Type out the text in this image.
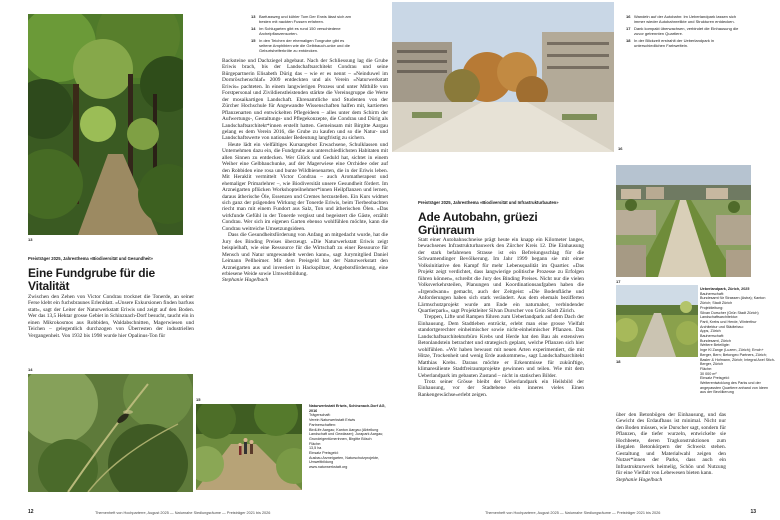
13
13 Barfussweg und kühler Tom Der Erwis lässt sich am besten mit nackten Fussen erfahren.
14 Im Schlugarten gibt es rund 150 verschiedene Archeipflanzensorten.
15 In den Teichen der ehemaligen Tongrube gibt es seltene Amphibien wie die Gelbbauch-unke und die Geburtshelferkröte zu entdecken.
Preisträger 2025, Jahresthema «Biodiversität und Gesundheit»
Eine Fundgrube für die Vitalität

Zwischen den Zehen von Victor Condrau trocknet die Tonerde, an seiner Ferse klebt ein fuchsbraunes Erlenblatt. «Unsere Exkursionen finden barfuss statt», sagt der Leiter der Naturwerkstatt Eriwis und zeigt auf den Boden. Wer das 13,5 Hektar grosse Gebiet in Schinznach-Dorf besucht, taucht ein in einen Mikrokosmos aus Robbiden, Waldabschnitten, Magerwiesen und Teichen – gelegentlich durchzogen von Überresten der industriellen Vergangenheit. Von 1932 bis 1998 wurde hier Opalinus-Ton für

Backsteine und Dachziegel abgebaut. Nach der Schliessung lag die Grube Eriwis brach, bis der Landschaftsarchitekt Condrau und seine Bürgepartnerin Elisabeth Dürig das – wie er es nennt – «Neinduwel im Dornröschenschlaf» 2009 entdeckten und als Verein «Naturwerkstatt Eriwis» pachteten. In einem langwierigen Prozess und unter Mithilfe von Forstpersonal und Zivildienstleistenden stärkte die Vereinsgruppe die Werte der mosaikartigen Landschaft. Ehrenamtliche und Studenten von der Zürcher Hochschule für Angewandte Wissenschaften halfen mit, kartierten Pflanzenarten und entwickelten Pflegeideen – alles unter dem Schirm der Aufwertungs-, Gestaltungs- und Pflegekonzepte, die Condrau und Dürig als Landschaftsarchitekt*innen erstellt hatten. Gemeinsam mit Birgitte Aargau gelang es dem Verein 2016, die Grube zu kaufen und so die Natur- und Landschaftswerte von nationaler Bedeutung langfristig zu sichern.

Heute lädt ein vielfältiges Kursangebot Erwachsene, Schulklassen und Unternehmen dazu ein, die Fundgrube aus unterschiedlichsten Habitaten mit allen Sinnen zu entdecken. Wer Glück und Geduld hat, sichtet in einem Weiher eine Gelbbauchunke, auf der Magerwiese eine Orchidee oder auf den Robbiden eine rosa und bunte Wildbienenarten, die in der Eriwis leben. Mit Heraklit vermittelt Victor Condrau – auch Aromatherapeut und ehemaliger Primarlehrer –, wie Biodiversität unsere Gesundheit fördert. Im Arzneigarten pflücken Workshopteilnehmer*innen Heilpflanzen und lernen, daraus ätherische Öle, Essenzen und Cremes herzustellen. Ein Kurs widmet sich ganz der prägenden Wirkung der Tonerde Eriwis, beim Tierbeobachten riecht man mit einem Fundort aus Salz, Ton und ätherischen Ölen. «Das wirkfunde Gefühl in der Tonerde vergisst und begeistert die Gäste, erzählt Condrau. Wer sich im eigenen Garten ebenso wohlfühlen möchte, kann die Condrau weitreiche Umsetzungsideen.

Dass die Gesundheitsförderung von Anfang an mitgedacht wurde, hat die Jury des Binding Preises überzeugt. «Die Naturwerkstatt Eriwis zeigt beispielhaft, wie eine Ressource für die Wirtschaft zu einer Ressource für Mensch und Natur umgewandelt werden kann», sagt Jurymitglied Daniel Leimann Pellheimer. Mit dem Preisgeld hat der Naturwerkstatt den Arzneigarten aus und investiert in Hackspiltzer, Angebotsförderung, eine erbiesene Weide sowie Umweltbildung.

Stephanie Hagelbach

14
15
Naturwerkstatt Eriwis, Schinznach-Dorf AG, 2016
Trägerschaft:
Verein Naturwerkstatt Eriwis
Partnerschaften:
BirdLife Aargau; Kanton Aargau (Abteilung Landschaft und Gewässer); Jurapark Aargau; Grundeigentümerinnen, Birgitte Bösch
Fläche:
13,5 ha
Einsatz Preisgeld:
Ausbau Arzneigarten, Naturschutzprojekte, Umweltbildung
www.naturwerkstatt.org
12	Themenheft von Hochparterre, August 2025 — Naturnahe Siedlungsräume — Preisträger 2021 bis 2026
16
16 Wandeln auf der Autobahn: Im Ueberlandpark lassen sich immer wieder Autobahnrelikte und Strukturen entdecken.
17 Dank kompakt überwachsen, verbindet die Einhausung die zuvor getrennten Quartiere.
18 In der Blickzeit erstrahlt der Ueberlandpark in unterschiedlichen Farbweltein.
Preisträger 2025, Jahresthema «Biodiversität und Infrastrukturbauten»
Ade Autobahn, grüezi Grünraum

Statt einer Autobahnschneise prägt heute ein knapp ein Kilometer langes, bewachsenes Infrastrukturbauwerk den Zürcher Kreis 12. Die Einhausung der stark befahrenen Strasse ist ein Befreiungsschlag für die Schwamendinger Bevölkerung. Im Jahr 1999 begann sie mit einer Volksinitiative den Kampf für mehr Lebensqualität im Quartier. «Das Projekt zeigt verdichtet, dass langwierige politische Prozesse zu Erfolgen führen können», schreibt die Jury des Binding Preises. Nicht nur die vielen Volksverkehrsteilen, Planungen und Koordinationsaufgaben haben die «Irgendwann» gemacht, auch der Zeitgeist: «Die Bodenfläche und Anforderungen haben sich stark verändert. Aus dem ehemals bezifferten Lärmschutzprojekt wurde am Ende ein naturnaher, verbindender Quartierpark», sagt Projektleiter Silvan Durscher von Grün Stadt Zürich.

Treppen, Lifte und Rampen führen zum Ueberlandpark auf dem Dach der Einhausung. Dem Stadtleben entrückt, erlebt man eine grosse Vielfalt standortgerechter einheimischer sowie nicht-einheimischer Pflanzen. Das Landschaftsarchitekturbüro Krebs und Herde hat den Bau als extensiven Betonlandstein betrachtet und strategisch geplant, welche Pflanzen sich hier wohlfühlen. «Wir haben bewusst mit neuen Arten experimentiert, die mit Hitze, Trockenheit und wenig Erde auskommen», sagt Landschaftsarchitekt Matthias Krebs. Daraus möchte er Erkenntnisse für zukünftige, klimaresiliente Stadtfreiraumprojekte gewinnen und teilen. Wie mit dem Ueberlandpark im gebauten Zustand – nicht in statischen Bilder.

Trotz seiner Grösse bleibt der Ueberlandpark ein Heilsbild der Einhausung, vor der Stadtebene ein inneres vieles Einen Rankengewächse»erlebt zeigen.

17
18

über den Betonbögen der Einhausung, und das Gewicht des Erdaufbaus ist minimal. Nicht nur den Boden müssen, wie Durscher sagt, sondern für Pflanzen, die tiefer wurzeln, entwickelte sie Hochbeete, deren Tragkonstruktionen zum illegalen Betonkörpern der Schweiz stehen. Gestaltung und Materialwahl zeigen den Nutzer*innen der Parks, dass auch ein Infrastrukturwerk heimelig, Schön und Nutzung für eine Vielfalt von Lebewesen bieten kann.

Stephanie Hagelbach

Ueberlandpark, Zürich, 2025
Bauherrschaft:
Bundesamt für Strassen (Astra); Kanton Zürich; Stadt Zürich
Projektleitung:
Silvan Durscher (Grün Stadt Zürich)
Landschaftsarchitektur:
Parti, Krebs und Herde, Winterthur
Architektur und Städtebau:
Apps, Zürich
Bauherrschaft:
Bundesamt, Zürich
Weitere Beteiligte:
Inge Kl Zange (Luzern, Zürich); Emch+ Berger, Bern; Betongeo Partners, Zürich; Basler & Hofmann, Zürich; Integral Axel Stich-Berger, Zürich
Fläche:
30 000 m²
Einsatz Preisgeld:
Weiterentwicklung des Parks und der angepassten Quartiere anhand von Ideen aus der Bevölkerung
Themenheft von Hochparterre, August 2025 — Naturnahe Siedlungsräume — Preisträger 2021 bis 2026	13
